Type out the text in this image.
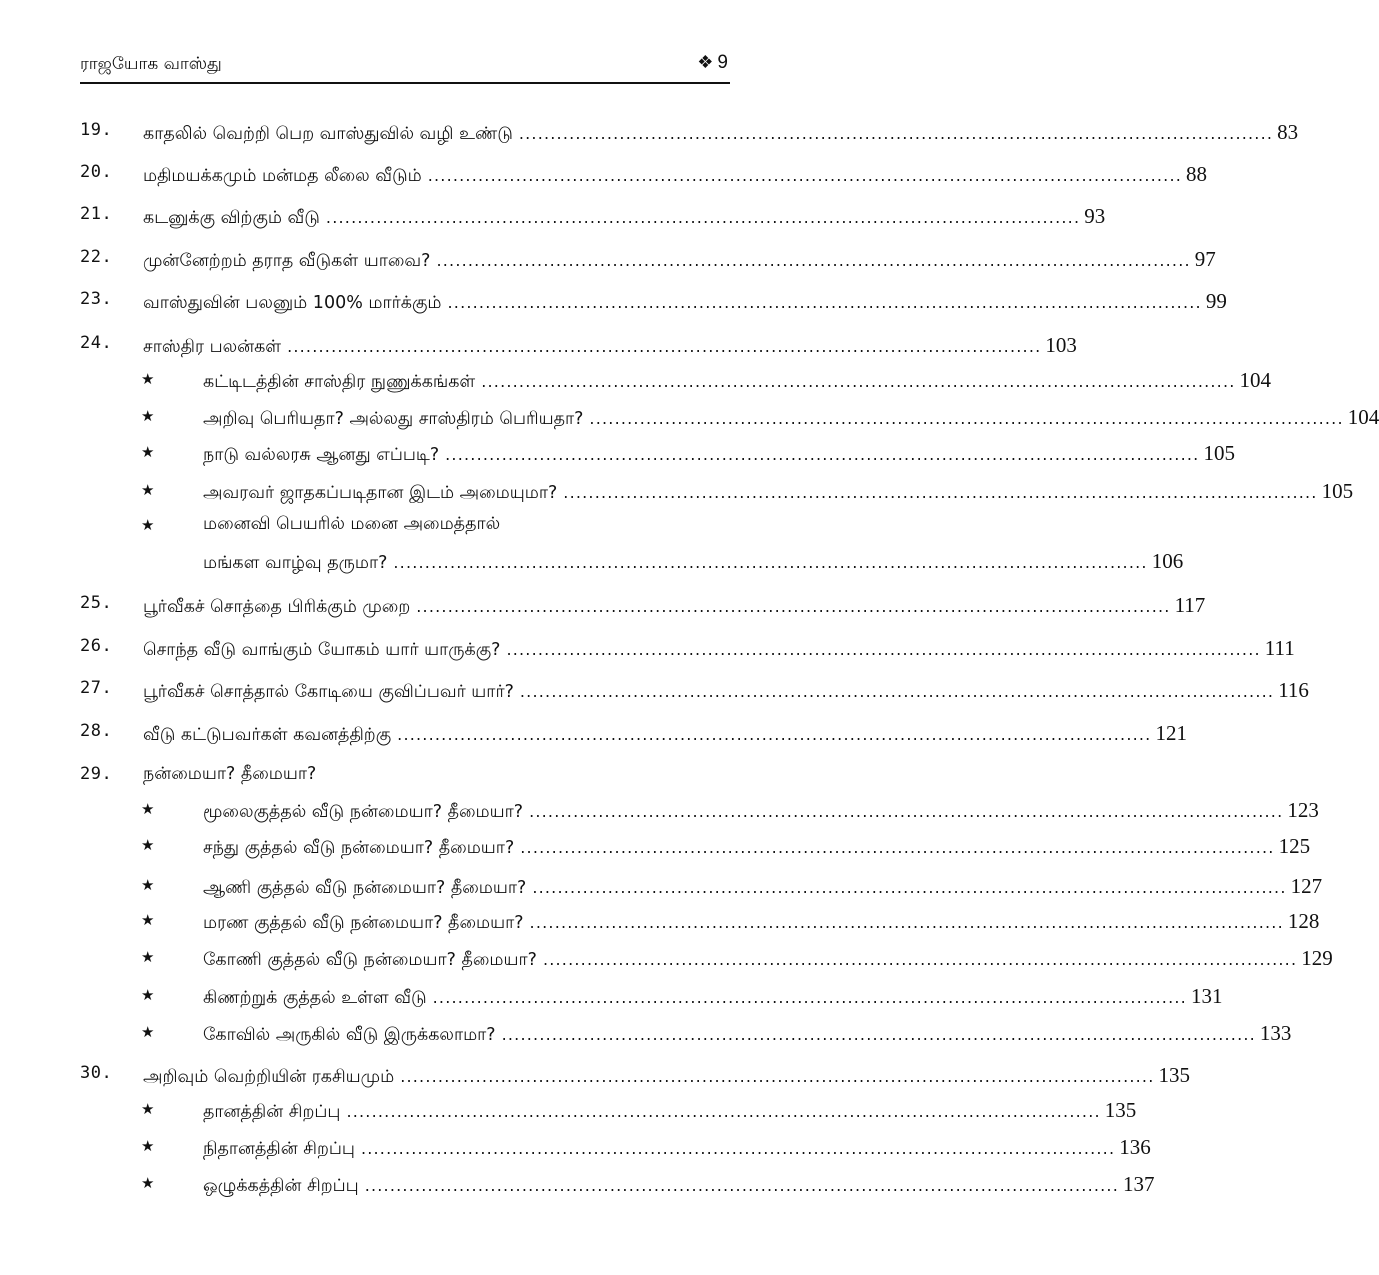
ராஜயோக வாஸ்து	❖ 9
19. காதலில் வெற்றி பெற வாஸ்துவில் வழி உண்டு ........................................................................................................................ 83
20. மதிமயக்கமும் மன்மத லீலை வீடும் ........................................................................................................................ 88
21. கடனுக்கு விற்கும் வீடு ........................................................................................................................ 93
22. முன்னேற்றம் தராத வீடுகள் யாவை? ........................................................................................................................ 97
23. வாஸ்துவின் பலனும் 100% மார்க்கும் ........................................................................................................................ 99
24. சாஸ்திர பலன்கள் ........................................................................................................................ 103
★	கட்டிடத்தின் சாஸ்திர நுணுக்கங்கள் ........................................................................................................................ 104
★	அறிவு பெரியதா? அல்லது சாஸ்திரம் பெரியதா? ........................................................................................................................ 104
★	நாடு வல்லரசு ஆனது எப்படி? ........................................................................................................................ 105
★	அவரவர் ஜாதகப்படிதான இடம் அமையுமா? ........................................................................................................................ 105
★	மனைவி பெயரில் மனை அமைத்தால்
மங்கள வாழ்வு தருமா? ........................................................................................................................ 106
25. பூர்வீகச் சொத்தை பிரிக்கும் முறை ........................................................................................................................ 117
26. சொந்த வீடு வாங்கும் யோகம் யார் யாருக்கு? ........................................................................................................................ 111
27. பூர்வீகச் சொத்தால் கோடியை குவிப்பவர் யார்? ........................................................................................................................ 116
28. வீடு கட்டுபவர்கள் கவனத்திற்கு ........................................................................................................................ 121
29. நன்மையா? தீமையா?
★	மூலைகுத்தல் வீடு நன்மையா? தீமையா? ........................................................................................................................ 123
★	சந்து குத்தல் வீடு நன்மையா? தீமையா? ........................................................................................................................ 125
★	ஆணி குத்தல் வீடு நன்மையா? தீமையா? ........................................................................................................................ 127
★	மரண குத்தல் வீடு நன்மையா? தீமையா? ........................................................................................................................ 128
★	கோணி குத்தல் வீடு நன்மையா? தீமையா? ........................................................................................................................ 129
★	கிணற்றுக் குத்தல் உள்ள வீடு ........................................................................................................................ 131
★	கோவில் அருகில் வீடு இருக்கலாமா? ........................................................................................................................ 133
30. அறிவும் வெற்றியின் ரகசியமும் ........................................................................................................................ 135
★	தானத்தின் சிறப்பு ........................................................................................................................ 135
★	நிதானத்தின் சிறப்பு ........................................................................................................................ 136
★	ஒழுக்கத்தின் சிறப்பு ........................................................................................................................ 137
